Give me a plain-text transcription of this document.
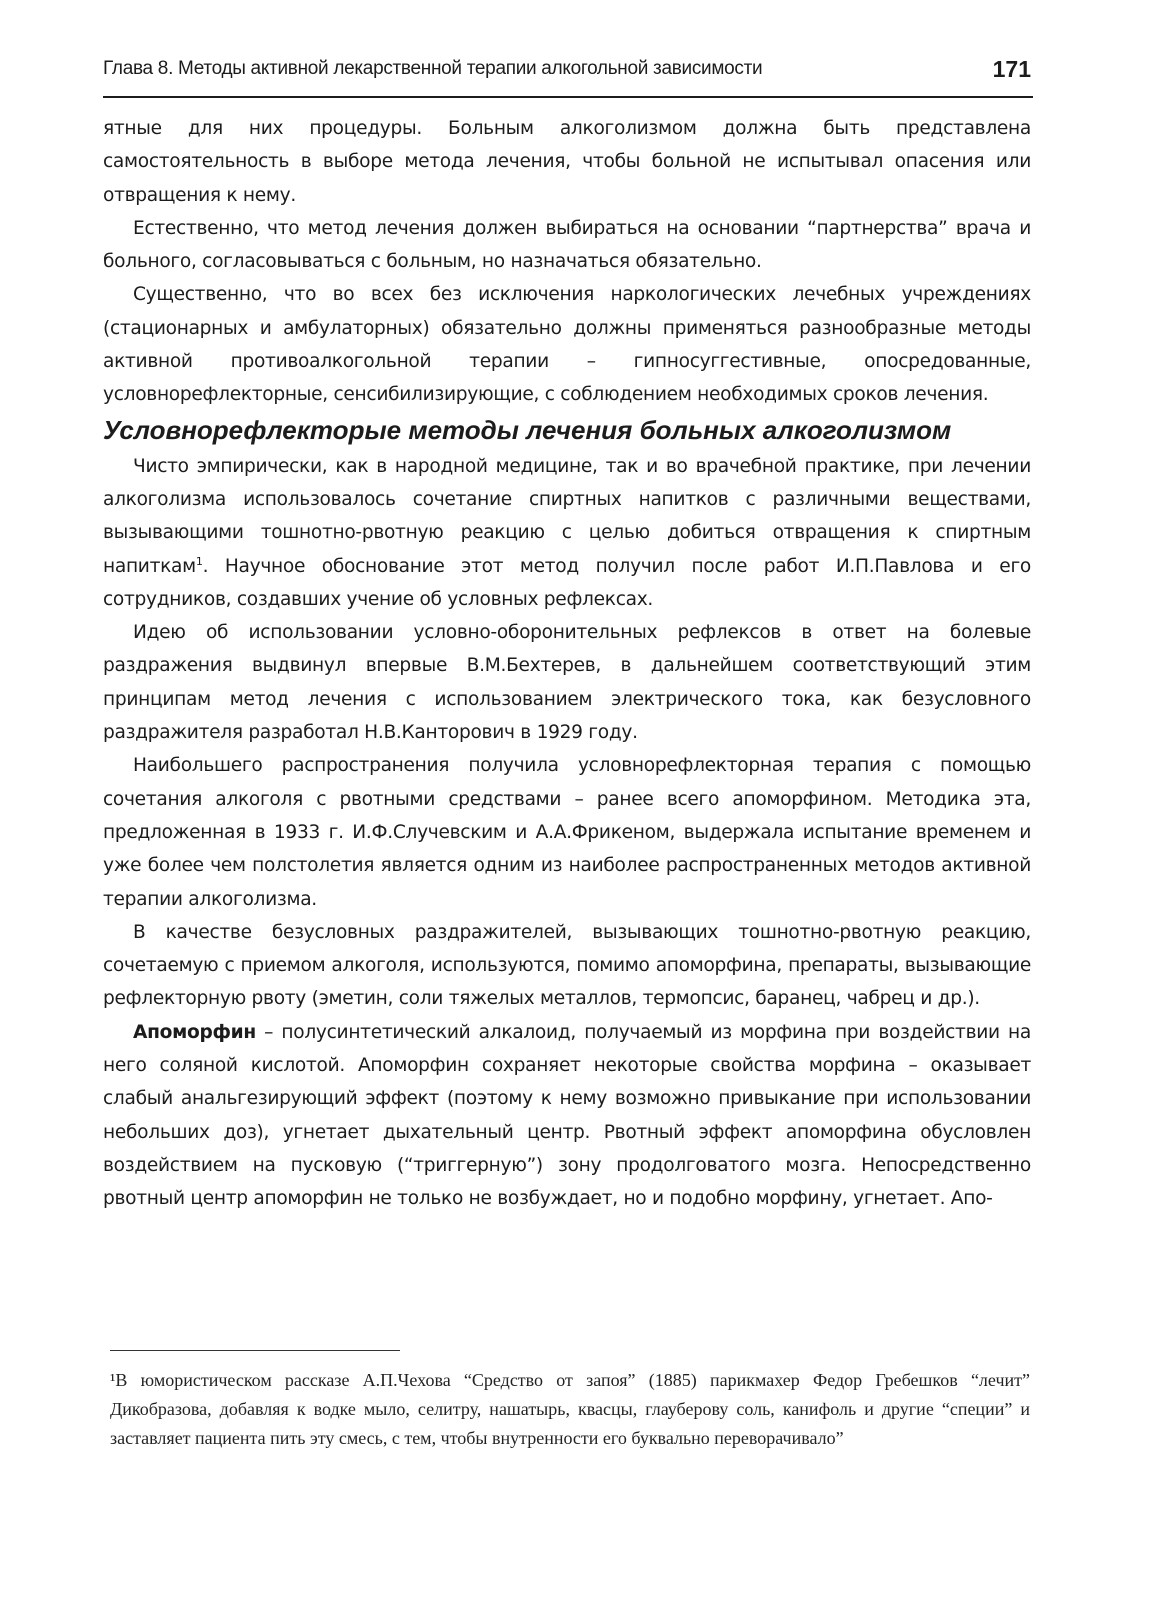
Глава 8. Методы активной лекарственной терапии алкогольной зависимости	171

ятные для них процедуры. Больным алкоголизмом должна быть представлена самостоятельность в выборе метода лечения, чтобы больной не испытывал опасения или отвращения к нему.

Естественно, что метод лечения должен выбираться на основании “партнерства” врача и больного, согласовываться с больным, но назначаться обязательно.

Существенно, что во всех без исключения наркологических лечебных учреждениях (стационарных и амбулаторных) обязательно должны применяться разнообразные методы активной противоалкогольной терапии – гипносуггестивные, опосредованные, условнорефлекторные, сенсибилизирующие, с соблюдением необходимых сроков лечения.

Условнорефлекторые методы лечения больных алкоголизмом

Чисто эмпирически, как в народной медицине, так и во врачебной практике, при лечении алкоголизма использовалось сочетание спиртных напитков с различными веществами, вызывающими тошнотно-рвотную реакцию с целью добиться отвращения к спиртным напиткам$^1$. Научное обоснование этот метод получил после работ И.П.Павлова и его сотрудников, создавших учение об условных рефлексах.

Идею об использовании условно-оборонительных рефлексов в ответ на болевые раздражения выдвинул впервые В.М.Бехтерев, в дальнейшем соответствующий этим принципам метод лечения с использованием электрического тока, как безусловного раздражителя разработал Н.В.Канторович в 1929 году.

Наибольшего распространения получила условнорефлекторная терапия с помощью сочетания алкоголя с рвотными средствами – ранее всего апоморфином. Методика эта, предложенная в 1933 г. И.Ф.Случевским и А.А.Фрикеном, выдержала испытание временем и уже более чем полстолетия является одним из наиболее распространенных методов активной терапии алкоголизма.

В качестве безусловных раздражителей, вызывающих тошнотно-рвотную реакцию, сочетаемую с приемом алкоголя, используются, помимо апоморфина, препараты, вызывающие рефлекторную рвоту (эметин, соли тяжелых металлов, термопсис, баранец, чабрец и др.).

Апоморфин – полусинтетический алкалоид, получаемый из морфина при воздействии на него соляной кислотой. Апоморфин сохраняет некоторые свойства морфина – оказывает слабый анальгезирующий эффект (поэтому к нему возможно привыкание при использовании небольших доз), угнетает дыхательный центр. Рвотный эффект апоморфина обусловлен воздействием на пусковую (“триггерную”) зону продолговатого мозга. Непосредственно рвотный центр апоморфин не только не возбуждает, но и подобно морфину, угнетает. Апо-

¹В юмористическом рассказе А.П.Чехова “Средство от запоя” (1885) парикмахер Федор Гребешков “лечит” Дикобразова, добавляя к водке мыло, селитру, нашатырь, квасцы, глауберову соль, канифоль и другие “специи” и заставляет пациента пить эту смесь, с тем, чтобы внутренности его буквально переворачивало”
